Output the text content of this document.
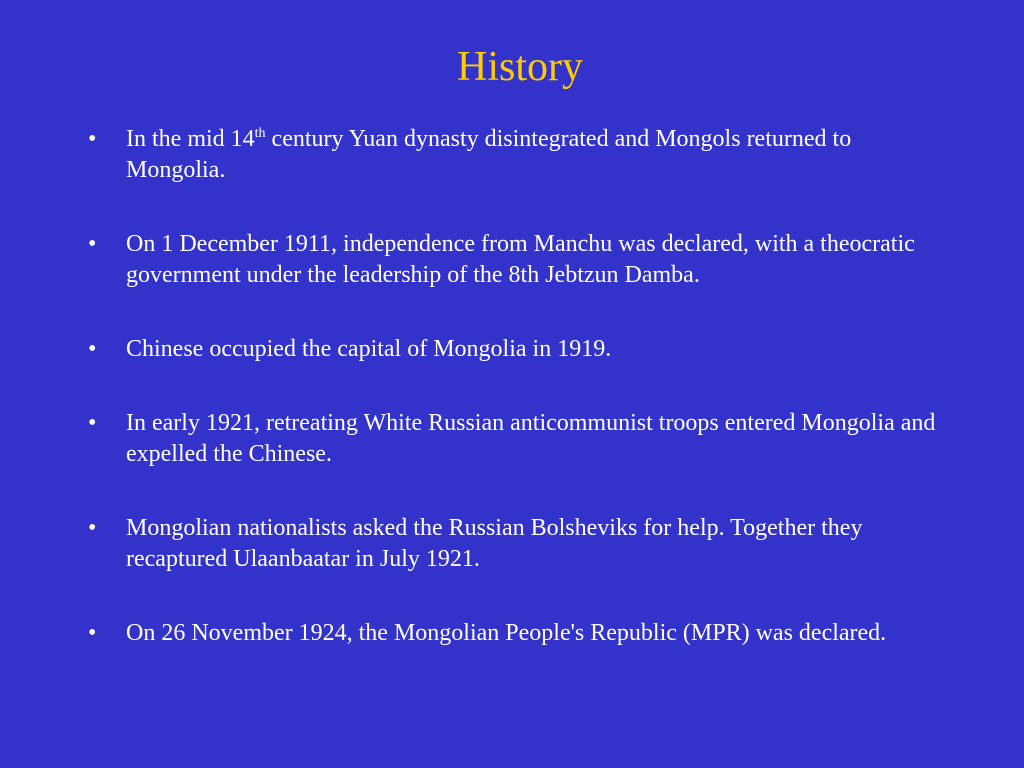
History
• In the mid 14th century Yuan dynasty disintegrated and Mongols returned to Mongolia.
• On 1 December 1911, independence from Manchu was declared, with a theocratic government under the leadership of the 8th Jebtzun Damba.
• Chinese occupied the capital of Mongolia in 1919.
• In early 1921, retreating White Russian anticommunist troops entered Mongolia and expelled the Chinese.
• Mongolian nationalists asked the Russian Bolsheviks for help. Together they recaptured Ulaanbaatar in July 1921.
• On 26 November 1924, the Mongolian People's Republic (MPR) was declared.
